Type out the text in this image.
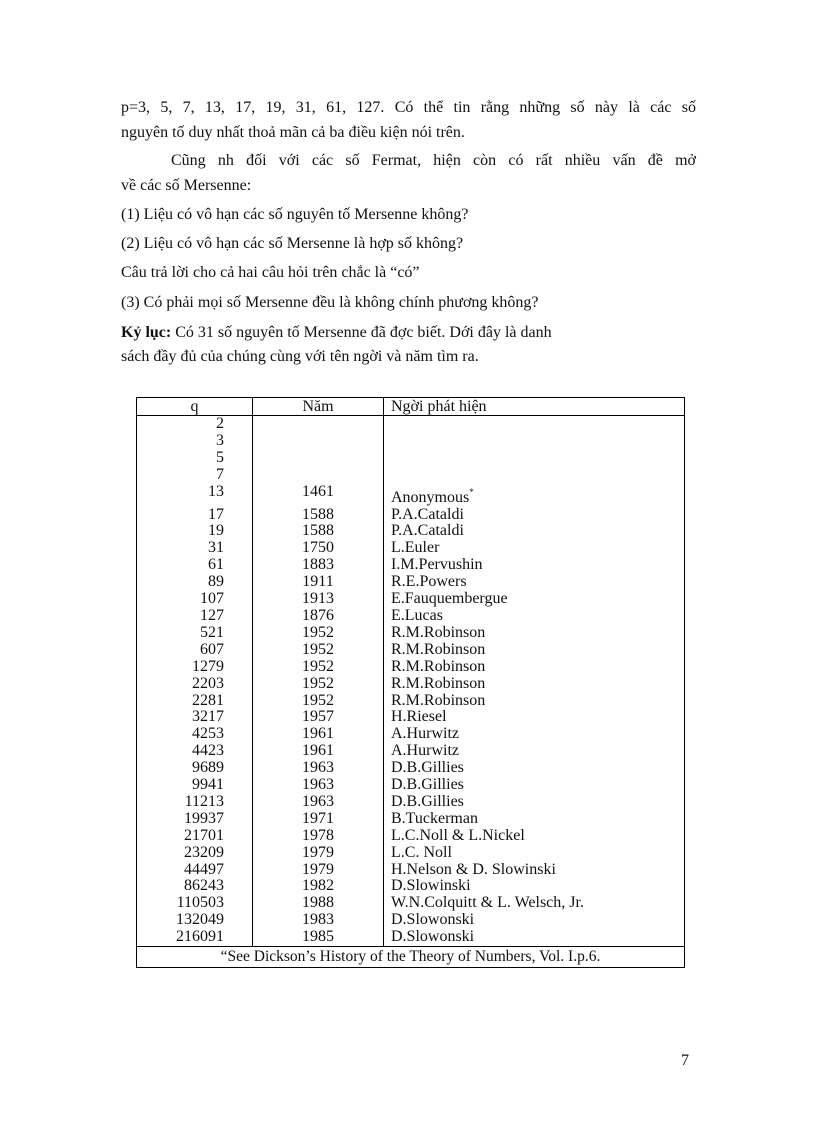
p=3, 5, 7, 13, 17, 19, 31, 61, 127. Có thể tin rằng những số này là các số

nguyên tố duy nhất thoả mãn cả ba điều kiện nói trên.

Cũng nh đối với các số Fermat, hiện còn có rất nhiều vấn đề mở

về các số Mersenne:

(1) Liệu có vô hạn các số nguyên tố Mersenne không?

(2) Liệu có vô hạn các số Mersenne là hợp số không?

Câu trả lời cho cả hai câu hỏi trên chắc là “có”

(3) Có phải mọi số Mersenne đều là không chính phương không?

Kỷ lục: Có 31 số nguyên tố Mersenne đã đợc biết. Dới đây là danh

sách đầy đủ của chúng cùng với tên ngời và năm tìm ra.

q	Năm	Ngời phát hiện
2		
3		
5		
7		
13	1461	Anonymous*
17	1588	P.A.Cataldi
19	1588	P.A.Cataldi
31	1750	L.Euler
61	1883	I.M.Pervushin
89	1911	R.E.Powers
107	1913	E.Fauquembergue
127	1876	E.Lucas
521	1952	R.M.Robinson
607	1952	R.M.Robinson
1279	1952	R.M.Robinson
2203	1952	R.M.Robinson
2281	1952	R.M.Robinson
3217	1957	H.Riesel
4253	1961	A.Hurwitz
4423	1961	A.Hurwitz
9689	1963	D.B.Gillies
9941	1963	D.B.Gillies
11213	1963	D.B.Gillies
19937	1971	B.Tuckerman
21701	1978	L.C.Noll & L.Nickel
23209	1979	L.C. Noll
44497	1979	H.Nelson & D. Slowinski
86243	1982	D.Slowinski
110503	1988	W.N.Colquitt & L. Welsch, Jr.
132049	1983	D.Slowonski
216091	1985	D.Slowonski
“See Dickson’s History of the Theory of Numbers, Vol. I.p.6.		
7
